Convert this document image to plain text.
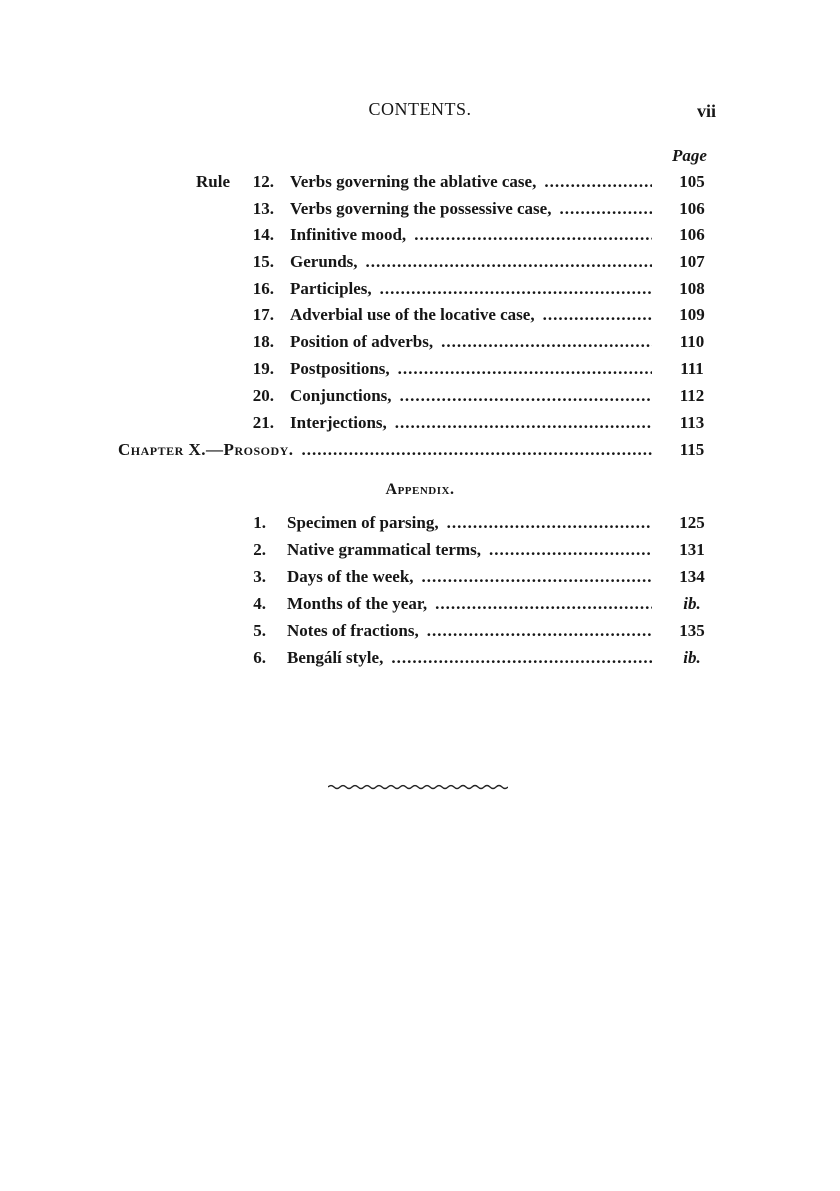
CONTENTS.	vii
Page
Rule 12. Verbs governing the ablative case, .....	105
13. Verbs governing the possessive case, .....	106
14. Infinitive mood, .....	106
15. Gerunds, .....	107
16. Participles, .....	108
17. Adverbial use of the locative case, .....	109
18. Position of adverbs, .....	110
19. Postpositions, .....	111
20. Conjunctions, .....	112
21. Interjections, .....	113
Chapter X.—Prosody. .....	115
Appendix.
1. Specimen of parsing, .....	125
2. Native grammatical terms, .....	131
3. Days of the week, .....	134
4. Months of the year, .....	ib.
5. Notes of fractions, .....	135
6. Bengálí style, .....	ib.
